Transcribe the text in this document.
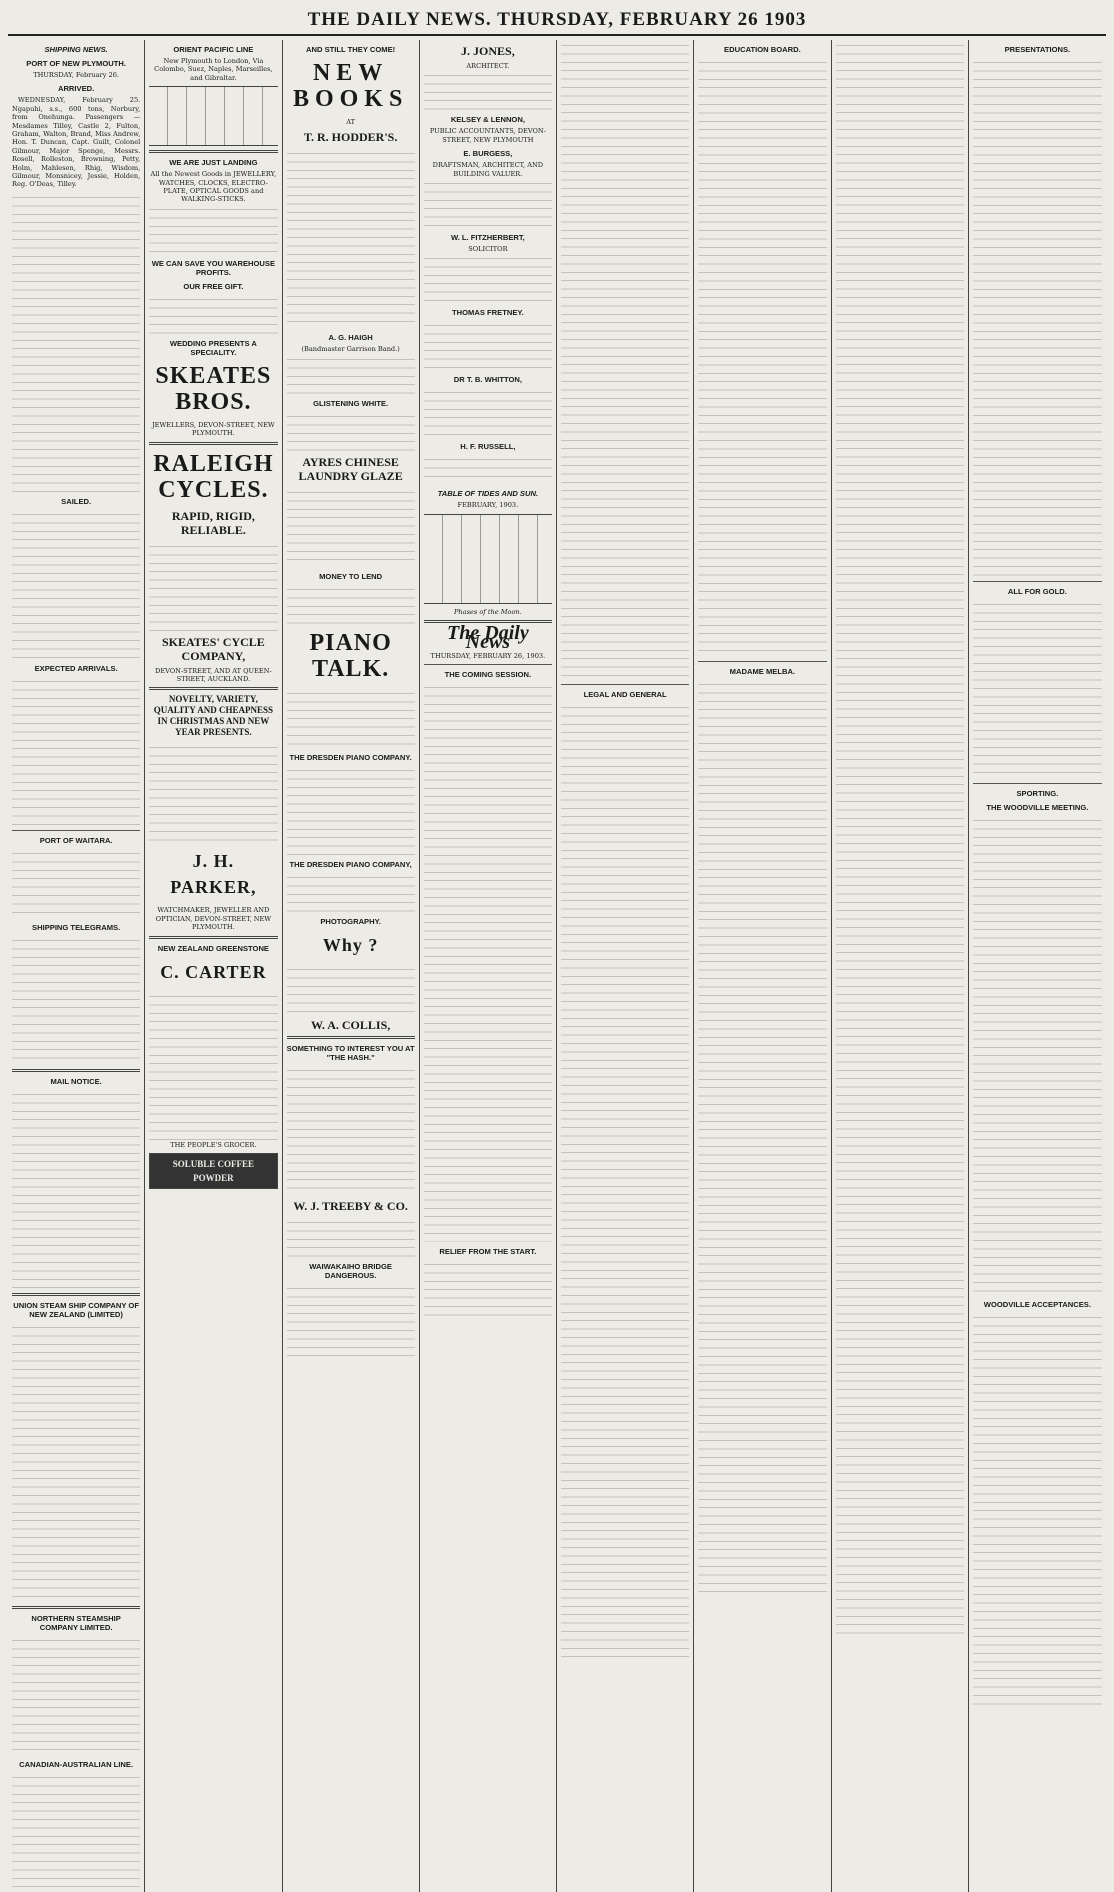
THE DAILY NEWS. THURSDAY, FEBRUARY 26 1903
SHIPPING NEWS.
PORT OF NEW PLYMOUTH.
THURSDAY, February 26.
ARRIVED.
WEDNESDAY, February 25. Ngapuhi, s.s., 600 tons, Norbury, from Onehunga. Passengers — Mesdames Tilley, Castle 2, Fulton, Graham, Walton, Brand, Miss Andrew, Hon. T. Duncan, Capt. Guilt, Colonel Gilmour, Major Spenge, Messrs. Rosell, Rolleston, Browning, Petty, Holm, Mahlesen, Rhig, Wisdom, Gilmour, Monsnicey, Jessie, Holden, Reg. O'Deas, Tilley.
SAILED.
EXPECTED ARRIVALS.
PORT OF WAITARA.
SHIPPING TELEGRAMS.
MAIL NOTICE.
UNION STEAM SHIP COMPANY OF NEW ZEALAND (LIMITED)
NORTHERN STEAMSHIP COMPANY LIMITED.
CANADIAN-AUSTRALIAN LINE.
ORIENT PACIFIC LINE
New Plymouth to London, Via Colombo, Suez, Naples, Marseilles, and Gibraltar.
WE ARE JUST LANDING
All the Newest Goods in JEWELLERY, WATCHES, CLOCKS, ELECTRO-PLATE, OPTICAL GOODS and WALKING-STICKS.
WE CAN SAVE YOU WAREHOUSE PROFITS.
OUR FREE GIFT.
WEDDING PRESENTS A SPECIALITY.
SKEATES BROS.
JEWELLERS, DEVON-STREET, NEW PLYMOUTH.
RALEIGH CYCLES.
RAPID, RIGID, RELIABLE.
SKEATES' CYCLE COMPANY,
DEVON-STREET, AND AT QUEEN-STREET, AUCKLAND.
NOVELTY, VARIETY, QUALITY AND CHEAPNESS IN CHRISTMAS AND NEW YEAR PRESENTS.
J. H. PARKER,
WATCHMAKER, JEWELLER AND OPTICIAN, DEVON-STREET, NEW PLYMOUTH.
NEW ZEALAND GREENSTONE
C. CARTER
THE PEOPLE'S GROCER.
SOLUBLE COFFEE POWDER
AND STILL THEY COME!
NEW BOOKS
AT
T. R. HODDER'S.
A. G. HAIGH
(Bandmaster Garrison Band.)
GLISTENING WHITE.
AYRES CHINESE LAUNDRY GLAZE
MONEY TO LEND
PIANO TALK.
THE DRESDEN PIANO COMPANY.
THE DRESDEN PIANO COMPANY,
PHOTOGRAPHY.
Why ?
W. A. COLLIS,
SOMETHING TO INTEREST YOU AT "THE HASH."
W. J. TREEBY & CO.
WAIWAKAIHO BRIDGE DANGEROUS.
J. JONES,
ARCHITECT.
KELSEY & LENNON,
PUBLIC ACCOUNTANTS, DEVON-STREET, NEW PLYMOUTH
E. BURGESS,
DRAFTSMAN, ARCHITECT, AND BUILDING VALUER.
W. L. FITZHERBERT,
SOLICITOR
THOMAS FRETNEY.
DR T. B. WHITTON,
H. F. RUSSELL,
TABLE OF TIDES AND SUN.
FEBRUARY, 1903.
Phases of the Moon.
The Daily News
THURSDAY, FEBRUARY 26, 1903.
THE COMING SESSION.
RELIEF FROM THE START.
LEGAL AND GENERAL
EDUCATION BOARD.
MADAME MELBA.
PRESENTATIONS.
ALL FOR GOLD.
SPORTING.
THE WOODVILLE MEETING.
WOODVILLE ACCEPTANCES.
